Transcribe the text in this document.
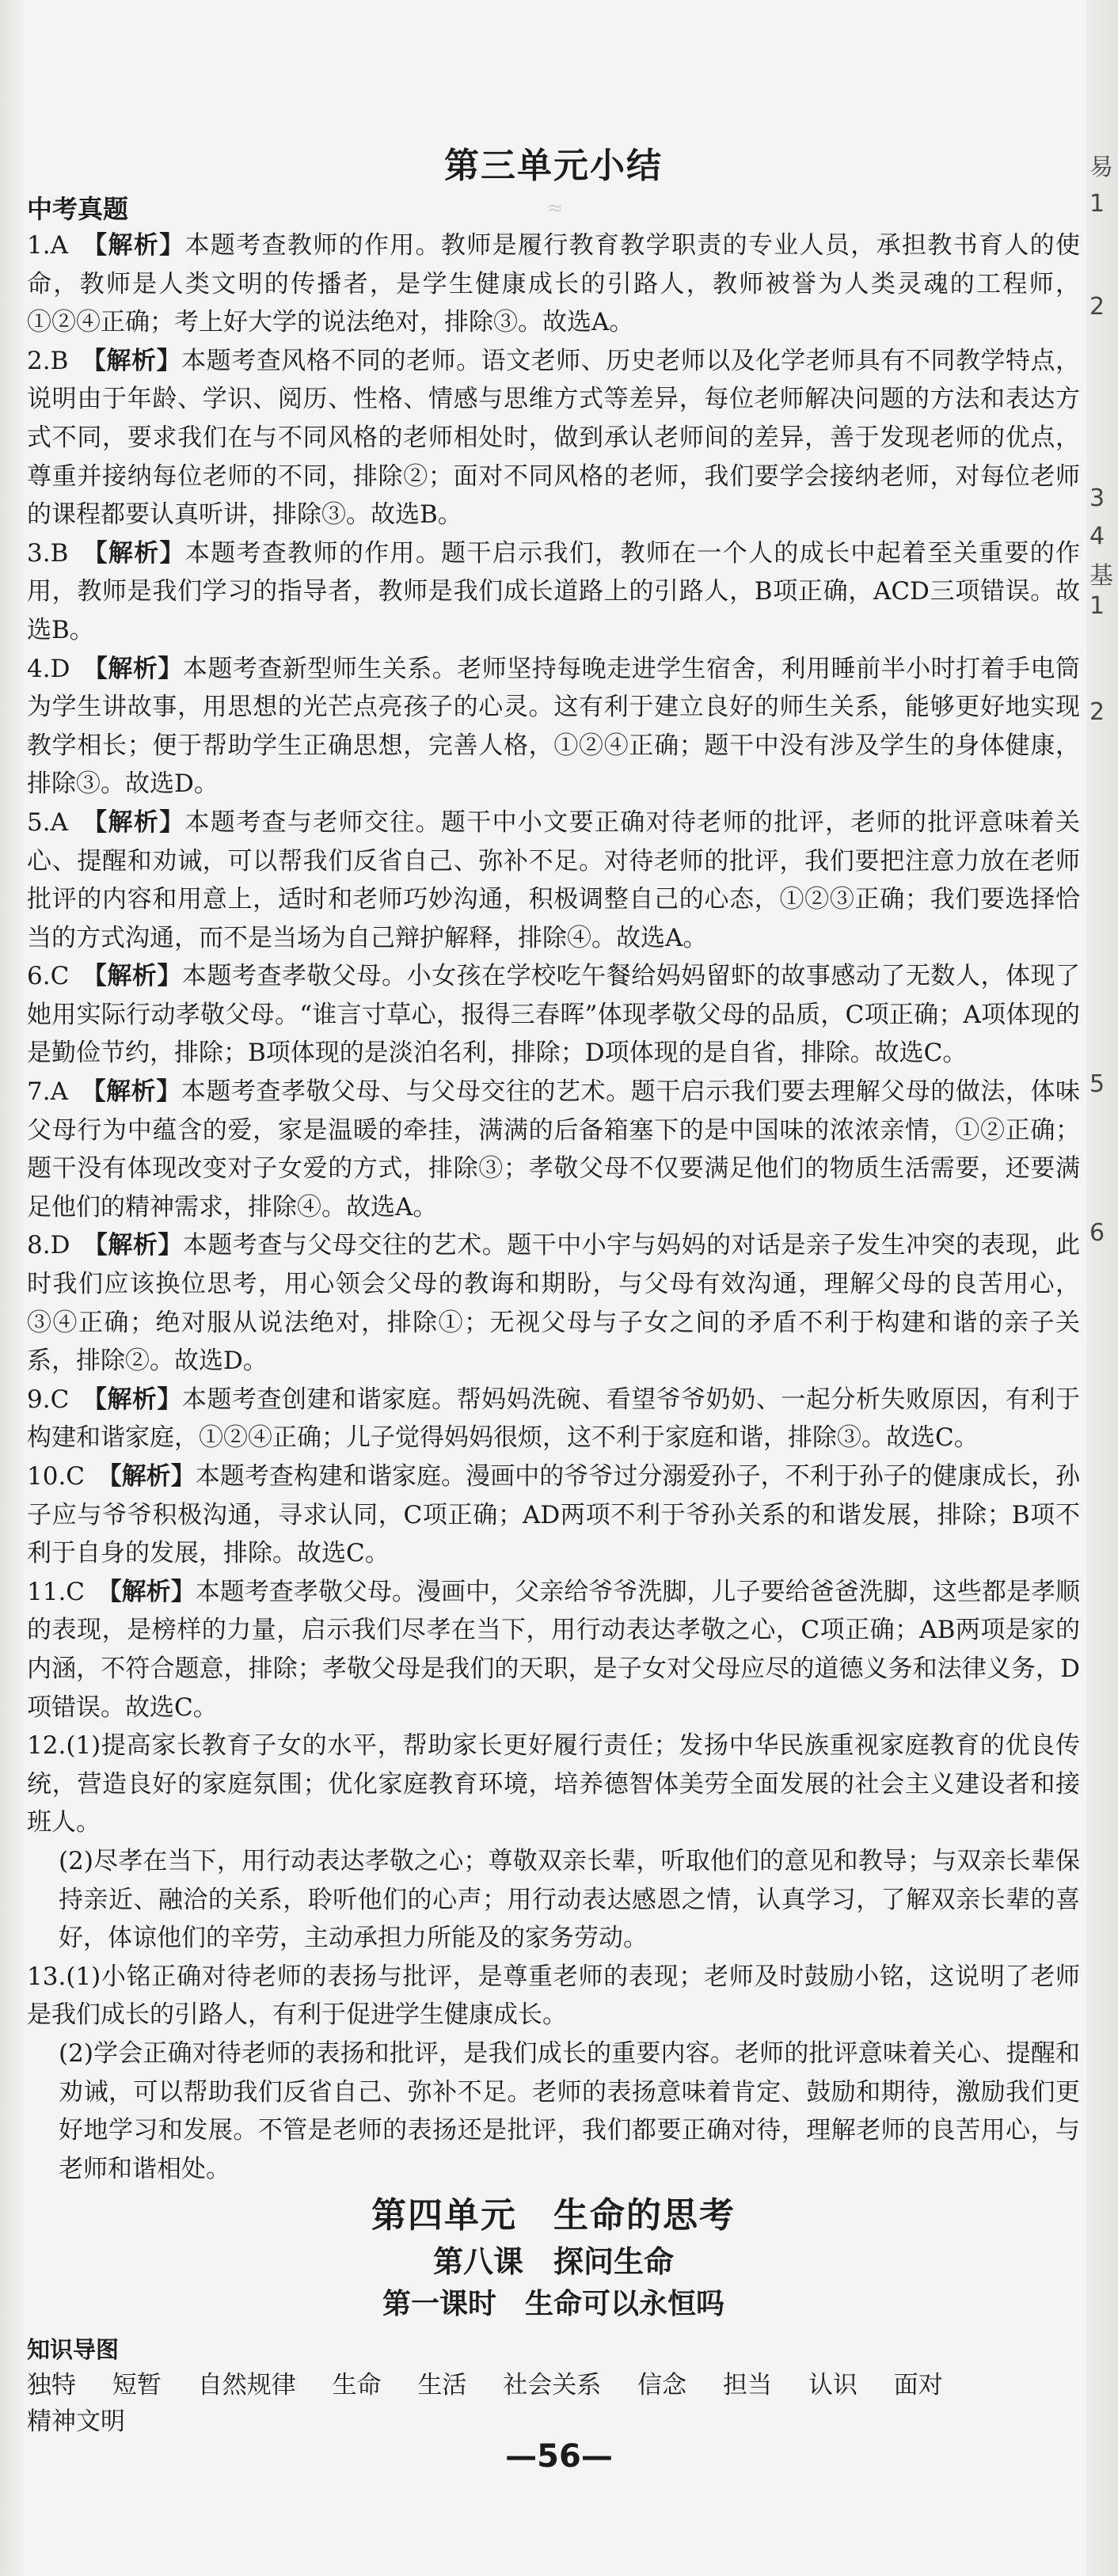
易
1
2
3
4
基
1
2
5
6
≈
第三单元小结
中考真题

1.A　 【解析】本题考查教师的作用。教师是履行教育教学职责的专业人员，承担教书育人的使命，教师是人类文明的传播者，是学生健康成长的引路人，教师被誉为人类灵魂的工程师，①②④正确；考上好大学的说法绝对，排除③。故选A。

2.B　 【解析】本题考查风格不同的老师。语文老师、历史老师以及化学老师具有不同教学特点，说明由于年龄、学识、阅历、性格、情感与思维方式等差异，每位老师解决问题的方法和表达方式不同，要求我们在与不同风格的老师相处时，做到承认老师间的差异，善于发现老师的优点，尊重并接纳每位老师的不同，排除②；面对不同风格的老师，我们要学会接纳老师，对每位老师的课程都要认真听讲，排除③。故选B。

3.B　 【解析】本题考查教师的作用。题干启示我们，教师在一个人的成长中起着至关重要的作用，教师是我们学习的指导者，教师是我们成长道路上的引路人，B项正确，ACD三项错误。故选B。

4.D　 【解析】本题考查新型师生关系。老师坚持每晚走进学生宿舍，利用睡前半小时打着手电筒为学生讲故事，用思想的光芒点亮孩子的心灵。这有利于建立良好的师生关系，能够更好地实现教学相长；便于帮助学生正确思想，完善人格，①②④正确；题干中没有涉及学生的身体健康，排除③。故选D。

5.A　 【解析】本题考查与老师交往。题干中小文要正确对待老师的批评，老师的批评意味着关心、提醒和劝诫，可以帮我们反省自己、弥补不足。对待老师的批评，我们要把注意力放在老师批评的内容和用意上，适时和老师巧妙沟通，积极调整自己的心态，①②③正确；我们要选择恰当的方式沟通，而不是当场为自己辩护解释，排除④。故选A。

6.C　 【解析】本题考查孝敬父母。小女孩在学校吃午餐给妈妈留虾的故事感动了无数人，体现了她用实际行动孝敬父母。“谁言寸草心，报得三春晖”体现孝敬父母的品质，C项正确；A项体现的是勤俭节约，排除；B项体现的是淡泊名利，排除；D项体现的是自省，排除。故选C。

7.A　 【解析】本题考查孝敬父母、与父母交往的艺术。题干启示我们要去理解父母的做法，体味父母行为中蕴含的爱，家是温暖的牵挂，满满的后备箱塞下的是中国味的浓浓亲情，①②正确；题干没有体现改变对子女爱的方式，排除③；孝敬父母不仅要满足他们的物质生活需要，还要满足他们的精神需求，排除④。故选A。

8.D　 【解析】本题考查与父母交往的艺术。题干中小宇与妈妈的对话是亲子发生冲突的表现，此时我们应该换位思考，用心领会父母的教诲和期盼，与父母有效沟通，理解父母的良苦用心，③④正确；绝对服从说法绝对，排除①；无视父母与子女之间的矛盾不利于构建和谐的亲子关系，排除②。故选D。

9.C　 【解析】本题考查创建和谐家庭。帮妈妈洗碗、看望爷爷奶奶、一起分析失败原因，有利于构建和谐家庭，①②④正确；儿子觉得妈妈很烦，这不利于家庭和谐，排除③。故选C。

10.C　 【解析】本题考查构建和谐家庭。漫画中的爷爷过分溺爱孙子，不利于孙子的健康成长，孙子应与爷爷积极沟通，寻求认同，C项正确；AD两项不利于爷孙关系的和谐发展，排除；B项不利于自身的发展，排除。故选C。

11.C　 【解析】本题考查孝敬父母。漫画中，父亲给爷爷洗脚，儿子要给爸爸洗脚，这些都是孝顺的表现，是榜样的力量，启示我们尽孝在当下，用行动表达孝敬之心，C项正确；AB两项是家的内涵，不符合题意，排除；孝敬父母是我们的天职，是子女对父母应尽的道德义务和法律义务，D项错误。故选C。

12.(1)提高家长教育子女的水平，帮助家长更好履行责任；发扬中华民族重视家庭教育的优良传统，营造良好的家庭氛围；优化家庭教育环境，培养德智体美劳全面发展的社会主义建设者和接班人。

(2)尽孝在当下，用行动表达孝敬之心；尊敬双亲长辈，听取他们的意见和教导；与双亲长辈保持亲近、融洽的关系，聆听他们的心声；用行动表达感恩之情，认真学习，了解双亲长辈的喜好，体谅他们的辛劳，主动承担力所能及的家务劳动。

13.(1)小铭正确对待老师的表扬与批评，是尊重老师的表现；老师及时鼓励小铭，这说明了老师是我们成长的引路人，有利于促进学生健康成长。

(2)学会正确对待老师的表扬和批评，是我们成长的重要内容。老师的批评意味着关心、提醒和劝诫，可以帮助我们反省自己、弥补不足。老师的表扬意味着肯定、鼓励和期待，激励我们更好地学习和发展。不管是老师的表扬还是批评，我们都要正确对待，理解老师的良苦用心，与老师和谐相处。

第四单元　生命的思考
第八课　探问生命
第一课时　生命可以永恒吗
知识导图
独特 短暂 自然规律 生命 生活 社会关系 信念 担当 认识 面对
精神文明
—56—
